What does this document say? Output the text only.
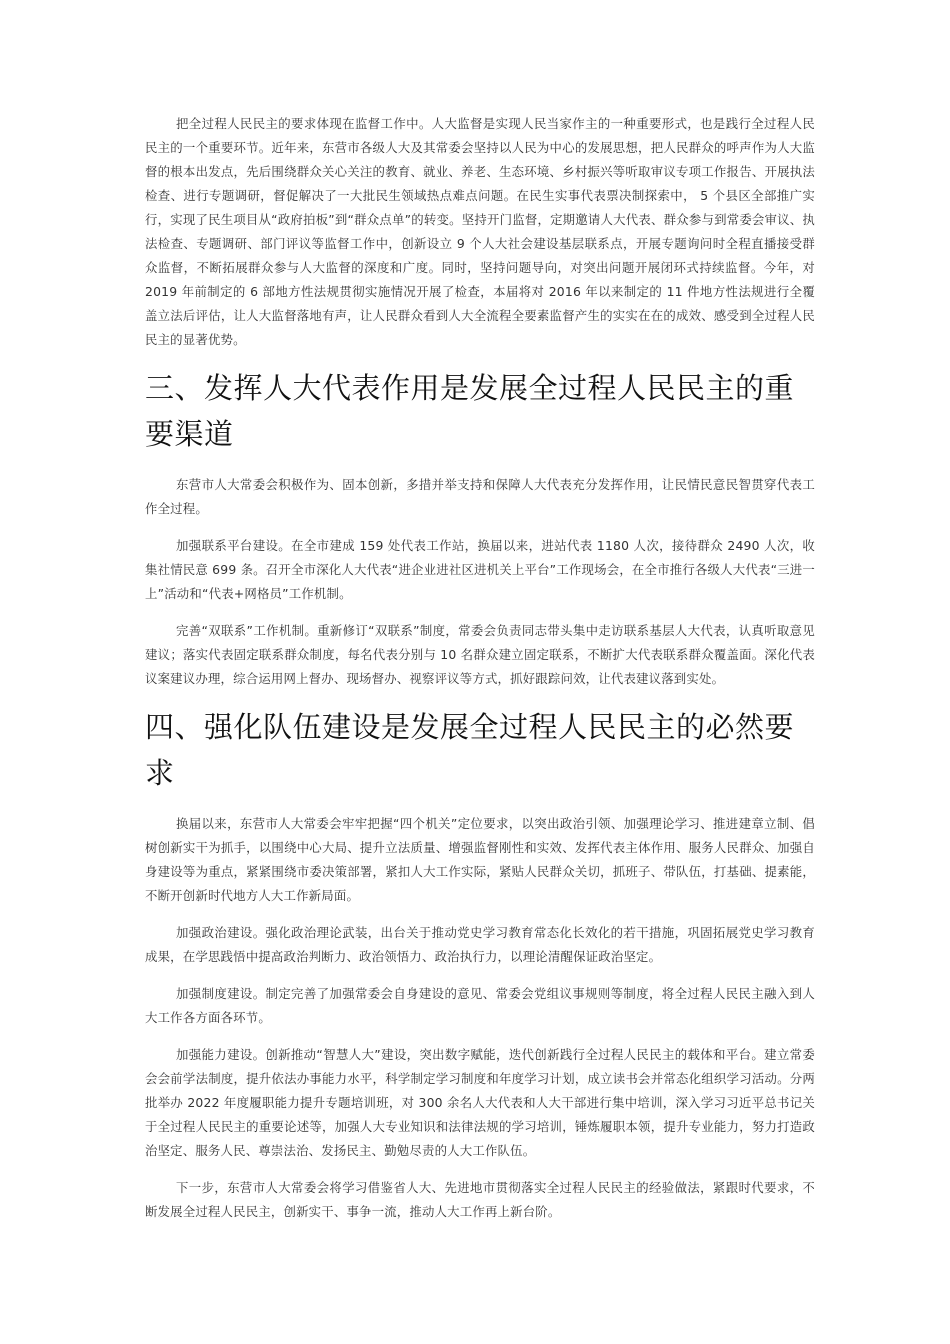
把全过程人民民主的要求体现在监督工作中。人大监督是实现人民当家作主的一种重要形式，也是践行全过程人民民主的一个重要环节。近年来，东营市各级人大及其常委会坚持以人民为中心的发展思想，把人民群众的呼声作为人大监督的根本出发点，先后围绕群众关心关注的教育、就业、养老、生态环境、乡村振兴等听取审议专项工作报告、开展执法检查、进行专题调研，督促解决了一大批民生领域热点难点问题。在民生实事代表票决制探索中， 5 个县区全部推广实行，实现了民生项目从“政府拍板”到“群众点单”的转变。坚持开门监督，定期邀请人大代表、群众参与到常委会审议、执法检查、专题调研、部门评议等监督工作中，创新设立 9 个人大社会建设基层联系点，开展专题询问时全程直播接受群众监督，不断拓展群众参与人大监督的深度和广度。同时，坚持问题导向，对突出问题开展闭环式持续监督。今年，对 2019 年前制定的 6 部地方性法规贯彻实施情况开展了检查，本届将对 2016 年以来制定的 11 件地方性法规进行全覆盖立法后评估，让人大监督落地有声，让人民群众看到人大全流程全要素监督产生的实实在在的成效、感受到全过程人民民主的显著优势。

三、发挥人大代表作用是发展全过程人民民主的重要渠道

东营市人大常委会积极作为、固本创新，多措并举支持和保障人大代表充分发挥作用，让民情民意民智贯穿代表工作全过程。

加强联系平台建设。在全市建成 159 处代表工作站，换届以来，进站代表 1180 人次，接待群众 2490 人次，收集社情民意 699 条。召开全市深化人大代表“进企业进社区进机关上平台”工作现场会，在全市推行各级人大代表“三进一上”活动和“代表+网格员”工作机制。

完善“双联系”工作机制。重新修订“双联系”制度，常委会负责同志带头集中走访联系基层人大代表，认真听取意见建议；落实代表固定联系群众制度，每名代表分别与 10 名群众建立固定联系，不断扩大代表联系群众覆盖面。深化代表议案建议办理，综合运用网上督办、现场督办、视察评议等方式，抓好跟踪问效，让代表建议落到实处。

四、强化队伍建设是发展全过程人民民主的必然要求

换届以来，东营市人大常委会牢牢把握“四个机关”定位要求，以突出政治引领、加强理论学习、推进建章立制、倡树创新实干为抓手，以围绕中心大局、提升立法质量、增强监督刚性和实效、发挥代表主体作用、服务人民群众、加强自身建设等为重点，紧紧围绕市委决策部署，紧扣人大工作实际，紧贴人民群众关切，抓班子、带队伍，打基础、提素能，不断开创新时代地方人大工作新局面。

加强政治建设。强化政治理论武装，出台关于推动党史学习教育常态化长效化的若干措施，巩固拓展党史学习教育成果，在学思践悟中提高政治判断力、政治领悟力、政治执行力，以理论清醒保证政治坚定。

加强制度建设。制定完善了加强常委会自身建设的意见、常委会党组议事规则等制度，将全过程人民民主融入到人大工作各方面各环节。

加强能力建设。创新推动“智慧人大”建设，突出数字赋能，迭代创新践行全过程人民民主的载体和平台。建立常委会会前学法制度，提升依法办事能力水平，科学制定学习制度和年度学习计划，成立读书会并常态化组织学习活动。分两批举办 2022 年度履职能力提升专题培训班，对 300 余名人大代表和人大干部进行集中培训，深入学习习近平总书记关于全过程人民民主的重要论述等，加强人大专业知识和法律法规的学习培训，锤炼履职本领，提升专业能力，努力打造政治坚定、服务人民、尊崇法治、发扬民主、勤勉尽责的人大工作队伍。

下一步，东营市人大常委会将学习借鉴省人大、先进地市贯彻落实全过程人民民主的经验做法，紧跟时代要求，不断发展全过程人民民主，创新实干、事争一流，推动人大工作再上新台阶。
